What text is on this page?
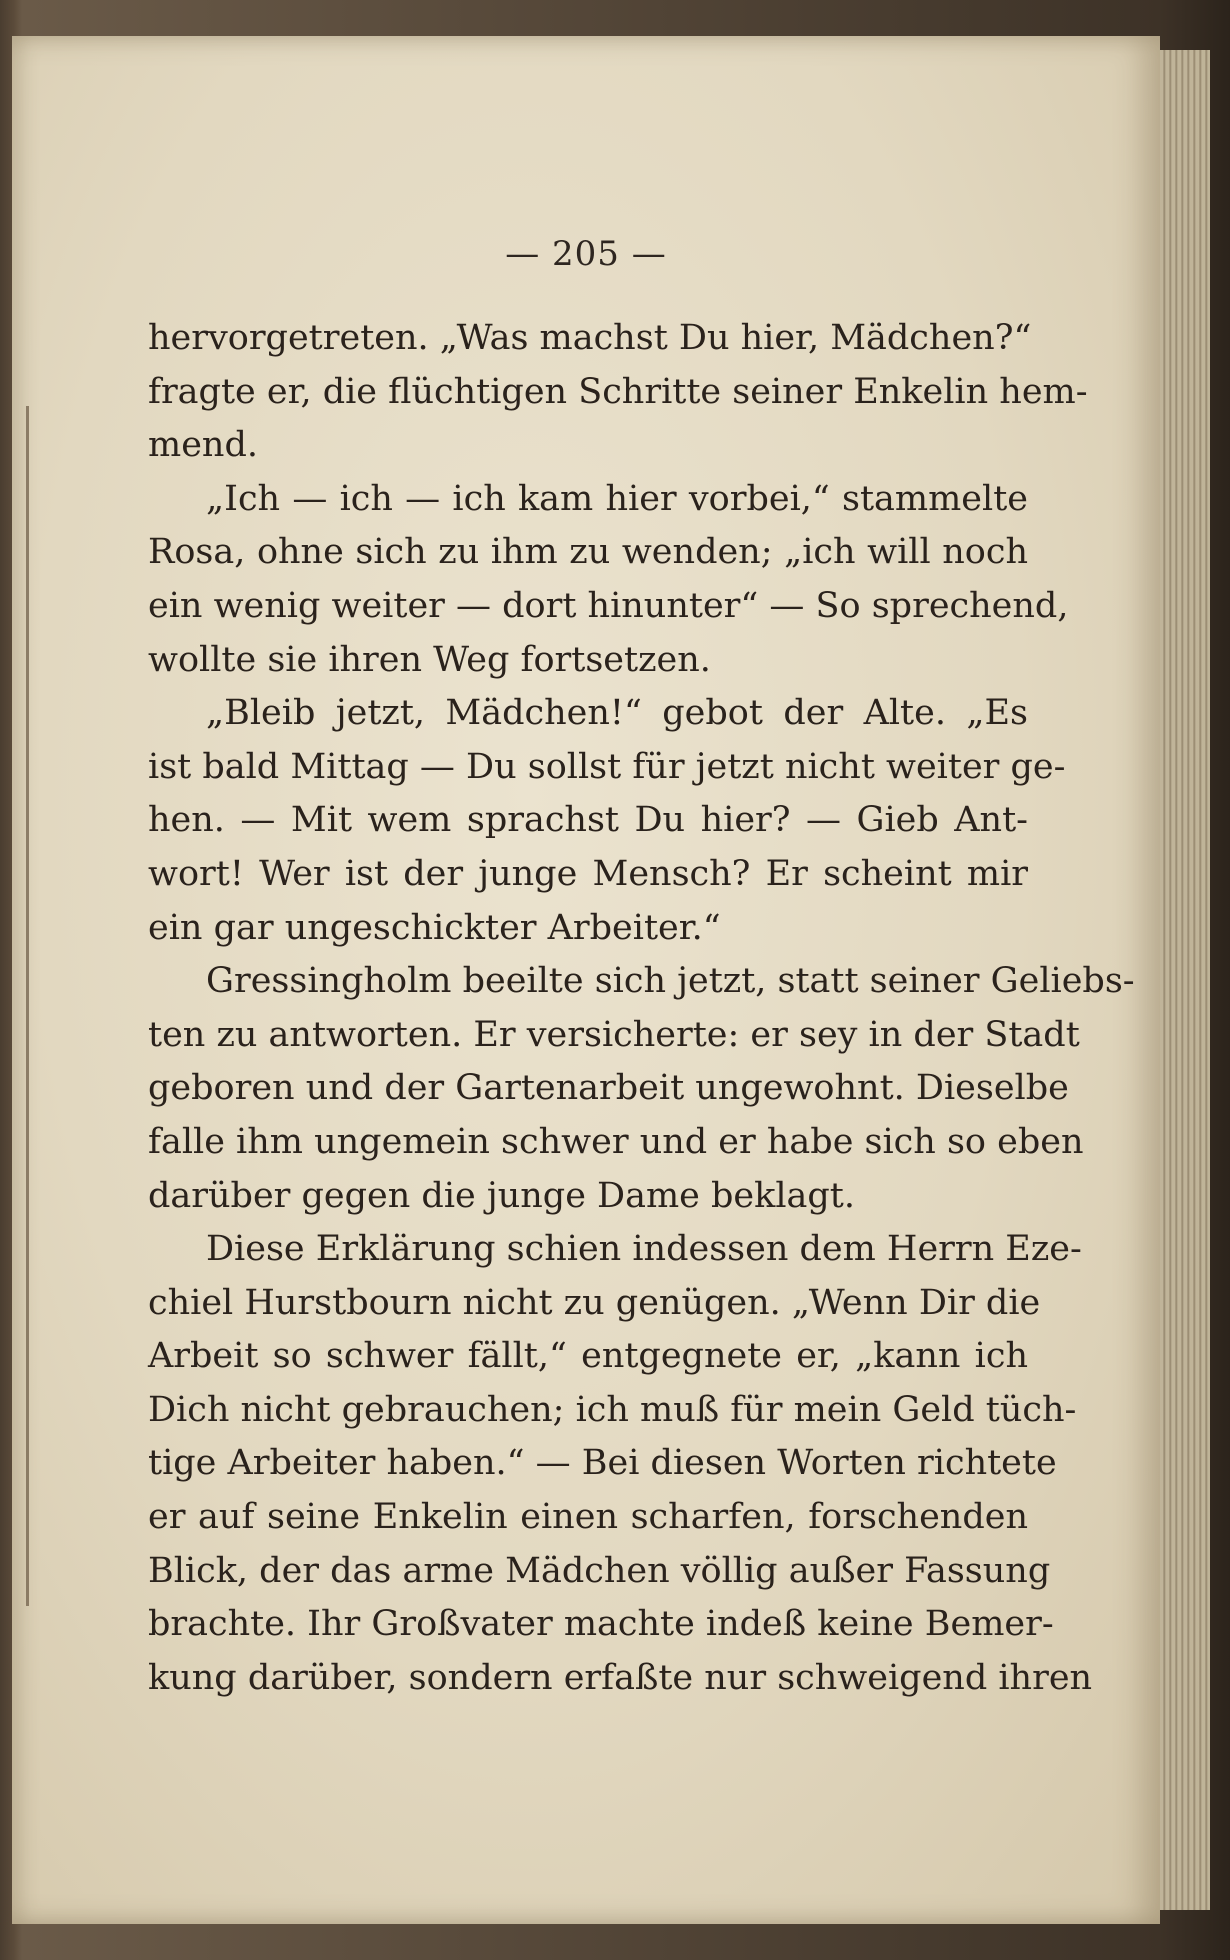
— 205 —
hervorgetreten. „Was machst Du hier, Mädchen?“
fragte er, die flüchtigen Schritte seiner Enkelin hem-
mend.
„Ich — ich — ich kam hier vorbei,“ stammelte
Rosa, ohne sich zu ihm zu wenden; „ich will noch
ein wenig weiter — dort hinunter“ — So sprechend,
wollte sie ihren Weg fortsetzen.
„Bleib jetzt, Mädchen!“ gebot der Alte. „Es
ist bald Mittag — Du sollst für jetzt nicht weiter ge-
hen. — Mit wem sprachst Du hier? — Gieb Ant-
wort! Wer ist der junge Mensch? Er scheint mir
ein gar ungeschickter Arbeiter.“
Gressingholm beeilte sich jetzt, statt seiner Geliebs-
ten zu antworten. Er versicherte: er sey in der Stadt
geboren und der Gartenarbeit ungewohnt. Dieselbe
falle ihm ungemein schwer und er habe sich so eben
darüber gegen die junge Dame beklagt.
Diese Erklärung schien indessen dem Herrn Eze-
chiel Hurstbourn nicht zu genügen. „Wenn Dir die
Arbeit so schwer fällt,“ entgegnete er, „kann ich
Dich nicht gebrauchen; ich muß für mein Geld tüch-
tige Arbeiter haben.“ — Bei diesen Worten richtete
er auf seine Enkelin einen scharfen, forschenden
Blick, der das arme Mädchen völlig außer Fassung
brachte. Ihr Großvater machte indeß keine Bemer-
kung darüber, sondern erfaßte nur schweigend ihren
